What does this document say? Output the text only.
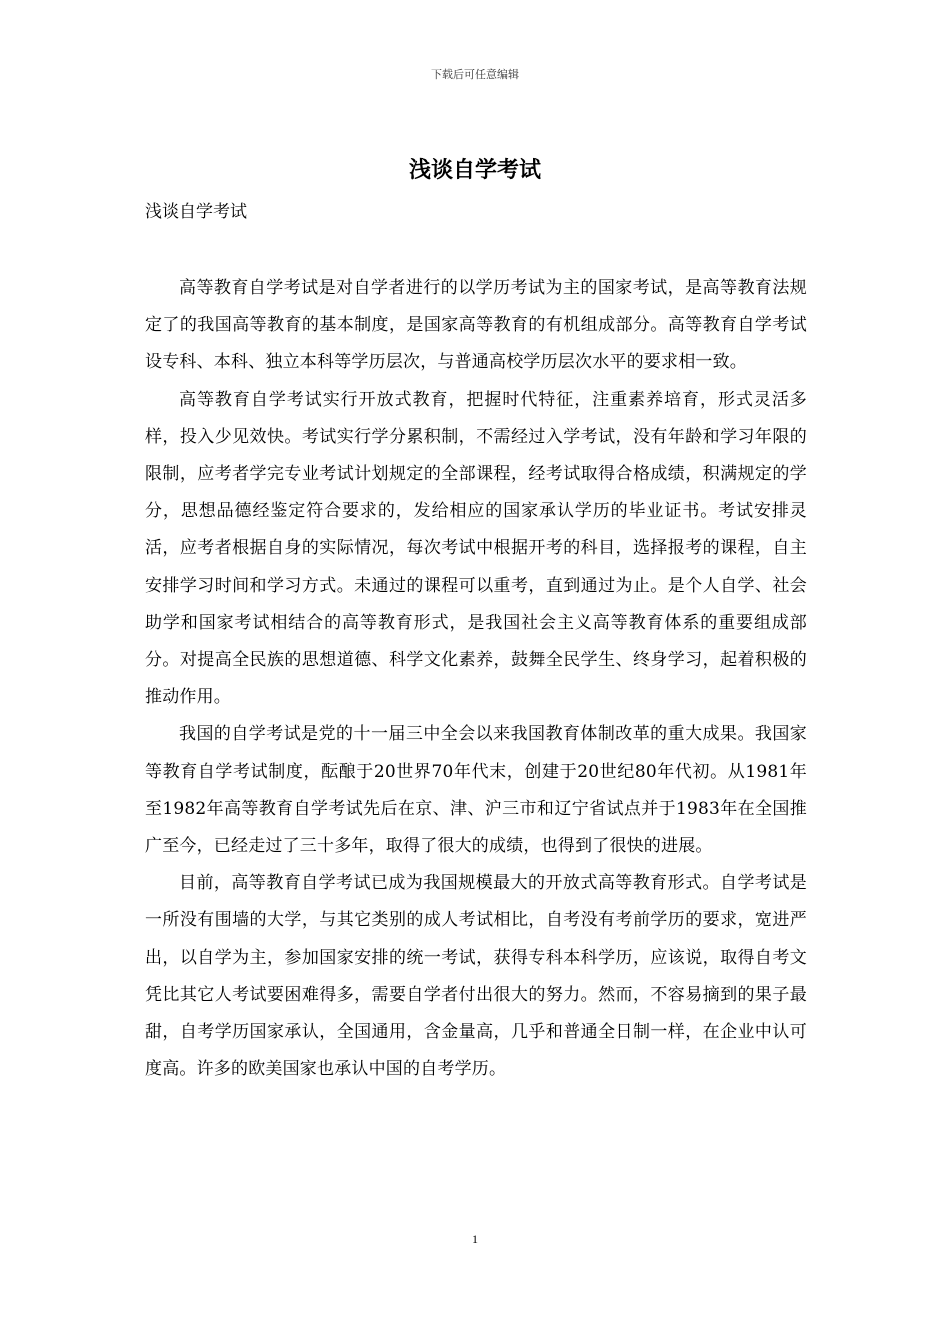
下载后可任意编辑
浅谈自学考试
浅谈自学考试

高等教育自学考试是对自学者进行的以学历考试为主的国家考试，是高等教育法规定了的我国高等教育的基本制度，是国家高等教育的有机组成部分。高等教育自学考试设专科、本科、独立本科等学历层次，与普通高校学历层次水平的要求相一致。

高等教育自学考试实行开放式教育，把握时代特征，注重素养培育，形式灵活多样，投入少见效快。考试实行学分累积制，不需经过入学考试，没有年龄和学习年限的限制，应考者学完专业考试计划规定的全部课程，经考试取得合格成绩，积满规定的学分，思想品德经鉴定符合要求的，发给相应的国家承认学历的毕业证书。考试安排灵活，应考者根据自身的实际情况，每次考试中根据开考的科目，选择报考的课程，自主安排学习时间和学习方式。未通过的课程可以重考，直到通过为止。是个人自学、社会助学和国家考试相结合的高等教育形式，是我国社会主义高等教育体系的重要组成部分。对提高全民族的思想道德、科学文化素养，鼓舞全民学生、终身学习，起着积极的推动作用。

我国的自学考试是党的十一届三中全会以来我国教育体制改革的重大成果。我国家等教育自学考试制度，酝酿于20世界70年代末，创建于20世纪80年代初。从1981年至1982年高等教育自学考试先后在京、津、沪三市和辽宁省试点并于1983年在全国推广至今，已经走过了三十多年，取得了很大的成绩，也得到了很快的进展。

目前，高等教育自学考试已成为我国规模最大的开放式高等教育形式。自学考试是一所没有围墙的大学，与其它类别的成人考试相比，自考没有考前学历的要求，宽进严出，以自学为主，参加国家安排的统一考试，获得专科本科学历，应该说，取得自考文凭比其它人考试要困难得多，需要自学者付出很大的努力。然而，不容易摘到的果子最甜，自考学历国家承认，全国通用，含金量高，几乎和普通全日制一样，在企业中认可度高。许多的欧美国家也承认中国的自考学历。

1
